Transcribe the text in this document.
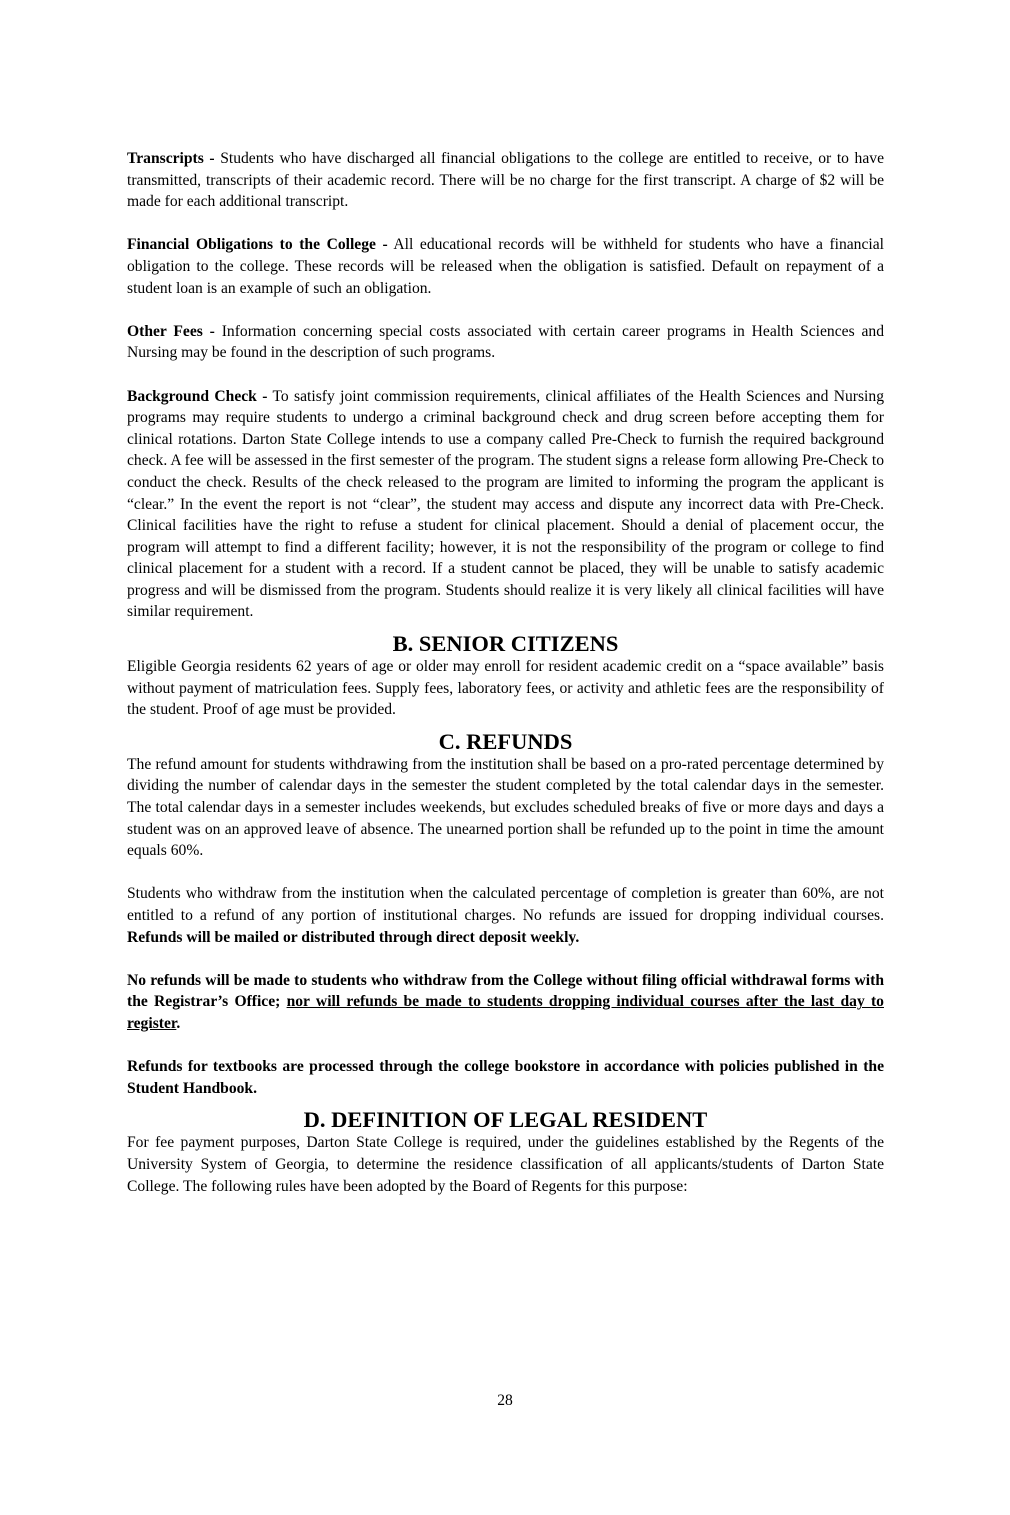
Transcripts - Students who have discharged all financial obligations to the college are entitled to receive, or to have transmitted, transcripts of their academic record. There will be no charge for the first transcript. A charge of $2 will be made for each additional transcript.

Financial Obligations to the College - All educational records will be withheld for students who have a financial obligation to the college. These records will be released when the obligation is satisfied. Default on repayment of a student loan is an example of such an obligation.

Other Fees - Information concerning special costs associated with certain career programs in Health Sciences and Nursing may be found in the description of such programs.

Background Check - To satisfy joint commission requirements, clinical affiliates of the Health Sciences and Nursing programs may require students to undergo a criminal background check and drug screen before accepting them for clinical rotations. Darton State College intends to use a company called Pre-Check to furnish the required background check. A fee will be assessed in the first semester of the program. The student signs a release form allowing Pre-Check to conduct the check. Results of the check released to the program are limited to informing the program the applicant is “clear.” In the event the report is not “clear”, the student may access and dispute any incorrect data with Pre-Check. Clinical facilities have the right to refuse a student for clinical placement. Should a denial of placement occur, the program will attempt to find a different facility; however, it is not the responsibility of the program or college to find clinical placement for a student with a record. If a student cannot be placed, they will be unable to satisfy academic progress and will be dismissed from the program. Students should realize it is very likely all clinical facilities will have similar requirement.

B. SENIOR CITIZENS

Eligible Georgia residents 62 years of age or older may enroll for resident academic credit on a “space available” basis without payment of matriculation fees. Supply fees, laboratory fees, or activity and athletic fees are the responsibility of the student. Proof of age must be provided.

C. REFUNDS

The refund amount for students withdrawing from the institution shall be based on a pro-rated percentage determined by dividing the number of calendar days in the semester the student completed by the total calendar days in the semester. The total calendar days in a semester includes weekends, but excludes scheduled breaks of five or more days and days a student was on an approved leave of absence. The unearned portion shall be refunded up to the point in time the amount equals 60%.

Students who withdraw from the institution when the calculated percentage of completion is greater than 60%, are not entitled to a refund of any portion of institutional charges. No refunds are issued for dropping individual courses. Refunds will be mailed or distributed through direct deposit weekly.

No refunds will be made to students who withdraw from the College without filing official withdrawal forms with the Registrar’s Office; nor will refunds be made to students dropping individual courses after the last day to register.

Refunds for textbooks are processed through the college bookstore in accordance with policies published in the Student Handbook.

D. DEFINITION OF LEGAL RESIDENT

For fee payment purposes, Darton State College is required, under the guidelines established by the Regents of the University System of Georgia, to determine the residence classification of all applicants/students of Darton State College. The following rules have been adopted by the Board of Regents for this purpose:

28
